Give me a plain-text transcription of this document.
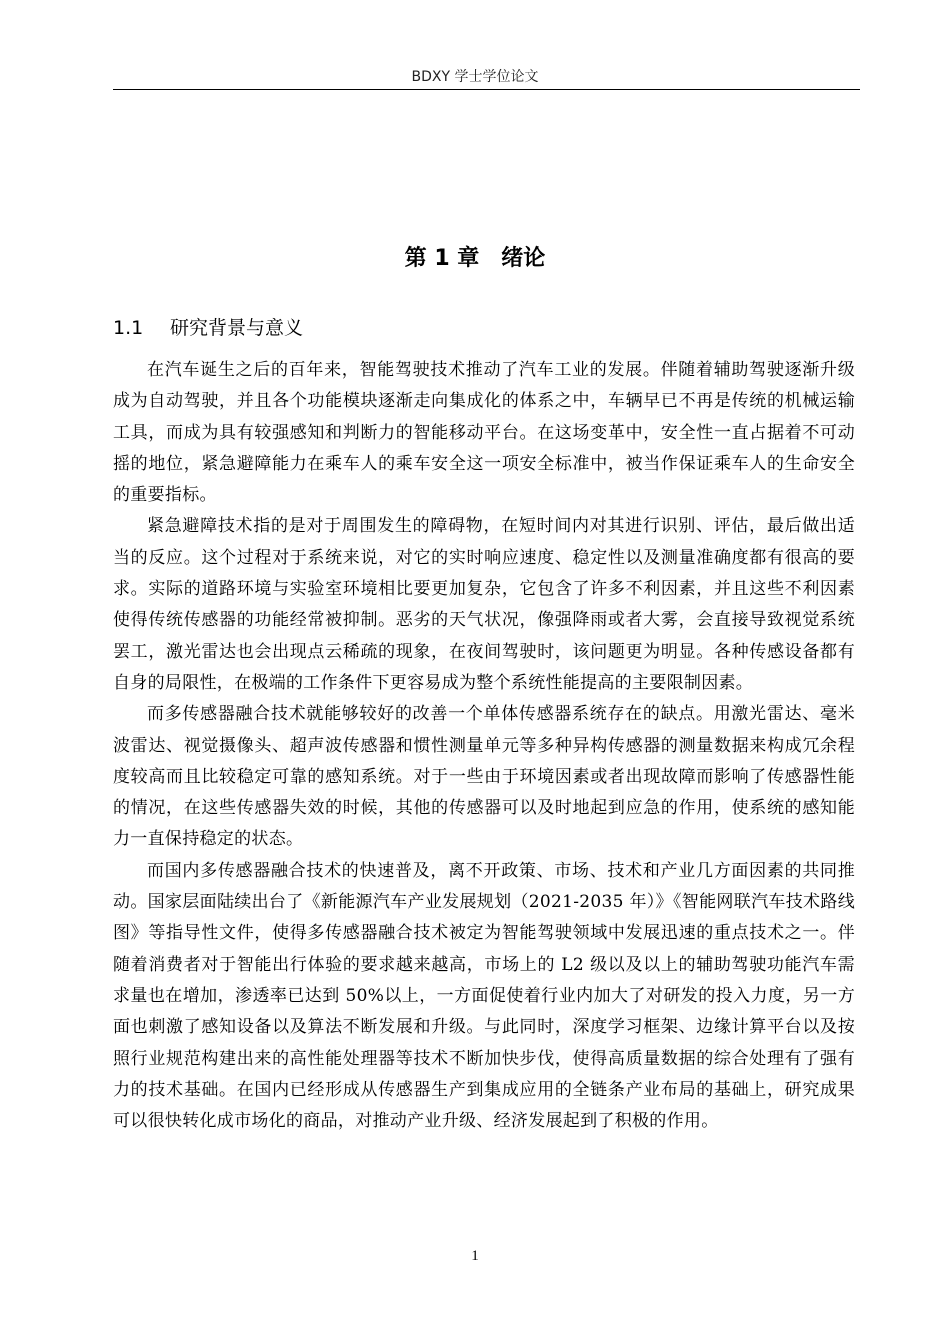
BDXY 学士学位论文
第 1 章　绪论
1.1 研究背景与意义

在汽车诞生之后的百年来，智能驾驶技术推动了汽车工业的发展。伴随着辅助驾驶逐渐升级成为自动驾驶，并且各个功能模块逐渐走向集成化的体系之中，车辆早已不再是传统的机械运输工具，而成为具有较强感知和判断力的智能移动平台。在这场变革中，安全性一直占据着不可动摇的地位，紧急避障能力在乘车人的乘车安全这一项安全标准中，被当作保证乘车人的生命安全的重要指标。

紧急避障技术指的是对于周围发生的障碍物，在短时间内对其进行识别、评估，最后做出适当的反应。这个过程对于系统来说，对它的实时响应速度、稳定性以及测量准确度都有很高的要求。实际的道路环境与实验室环境相比要更加复杂，它包含了许多不利因素，并且这些不利因素使得传统传感器的功能经常被抑制。恶劣的天气状况，像强降雨或者大雾，会直接导致视觉系统罢工，激光雷达也会出现点云稀疏的现象，在夜间驾驶时，该问题更为明显。各种传感设备都有自身的局限性，在极端的工作条件下更容易成为整个系统性能提高的主要限制因素。

而多传感器融合技术就能够较好的改善一个单体传感器系统存在的缺点。用激光雷达、毫米波雷达、视觉摄像头、超声波传感器和惯性测量单元等多种异构传感器的测量数据来构成冗余程度较高而且比较稳定可靠的感知系统。对于一些由于环境因素或者出现故障而影响了传感器性能的情况，在这些传感器失效的时候，其他的传感器可以及时地起到应急的作用，使系统的感知能力一直保持稳定的状态。

而国内多传感器融合技术的快速普及，离不开政策、市场、技术和产业几方面因素的共同推动。国家层面陆续出台了《新能源汽车产业发展规划（2021-2035 年）》《智能网联汽车技术路线图》等指导性文件，使得多传感器融合技术被定为智能驾驶领域中发展迅速的重点技术之一。伴随着消费者对于智能出行体验的要求越来越高，市场上的 L2 级以及以上的辅助驾驶功能汽车需求量也在增加，渗透率已达到 50%以上，一方面促使着行业内加大了对研发的投入力度，另一方面也刺激了感知设备以及算法不断发展和升级。与此同时，深度学习框架、边缘计算平台以及按照行业规范构建出来的高性能处理器等技术不断加快步伐，使得高质量数据的综合处理有了强有力的技术基础。在国内已经形成从传感器生产到集成应用的全链条产业布局的基础上，研究成果可以很快转化成市场化的商品，对推动产业升级、经济发展起到了积极的作用。

1
